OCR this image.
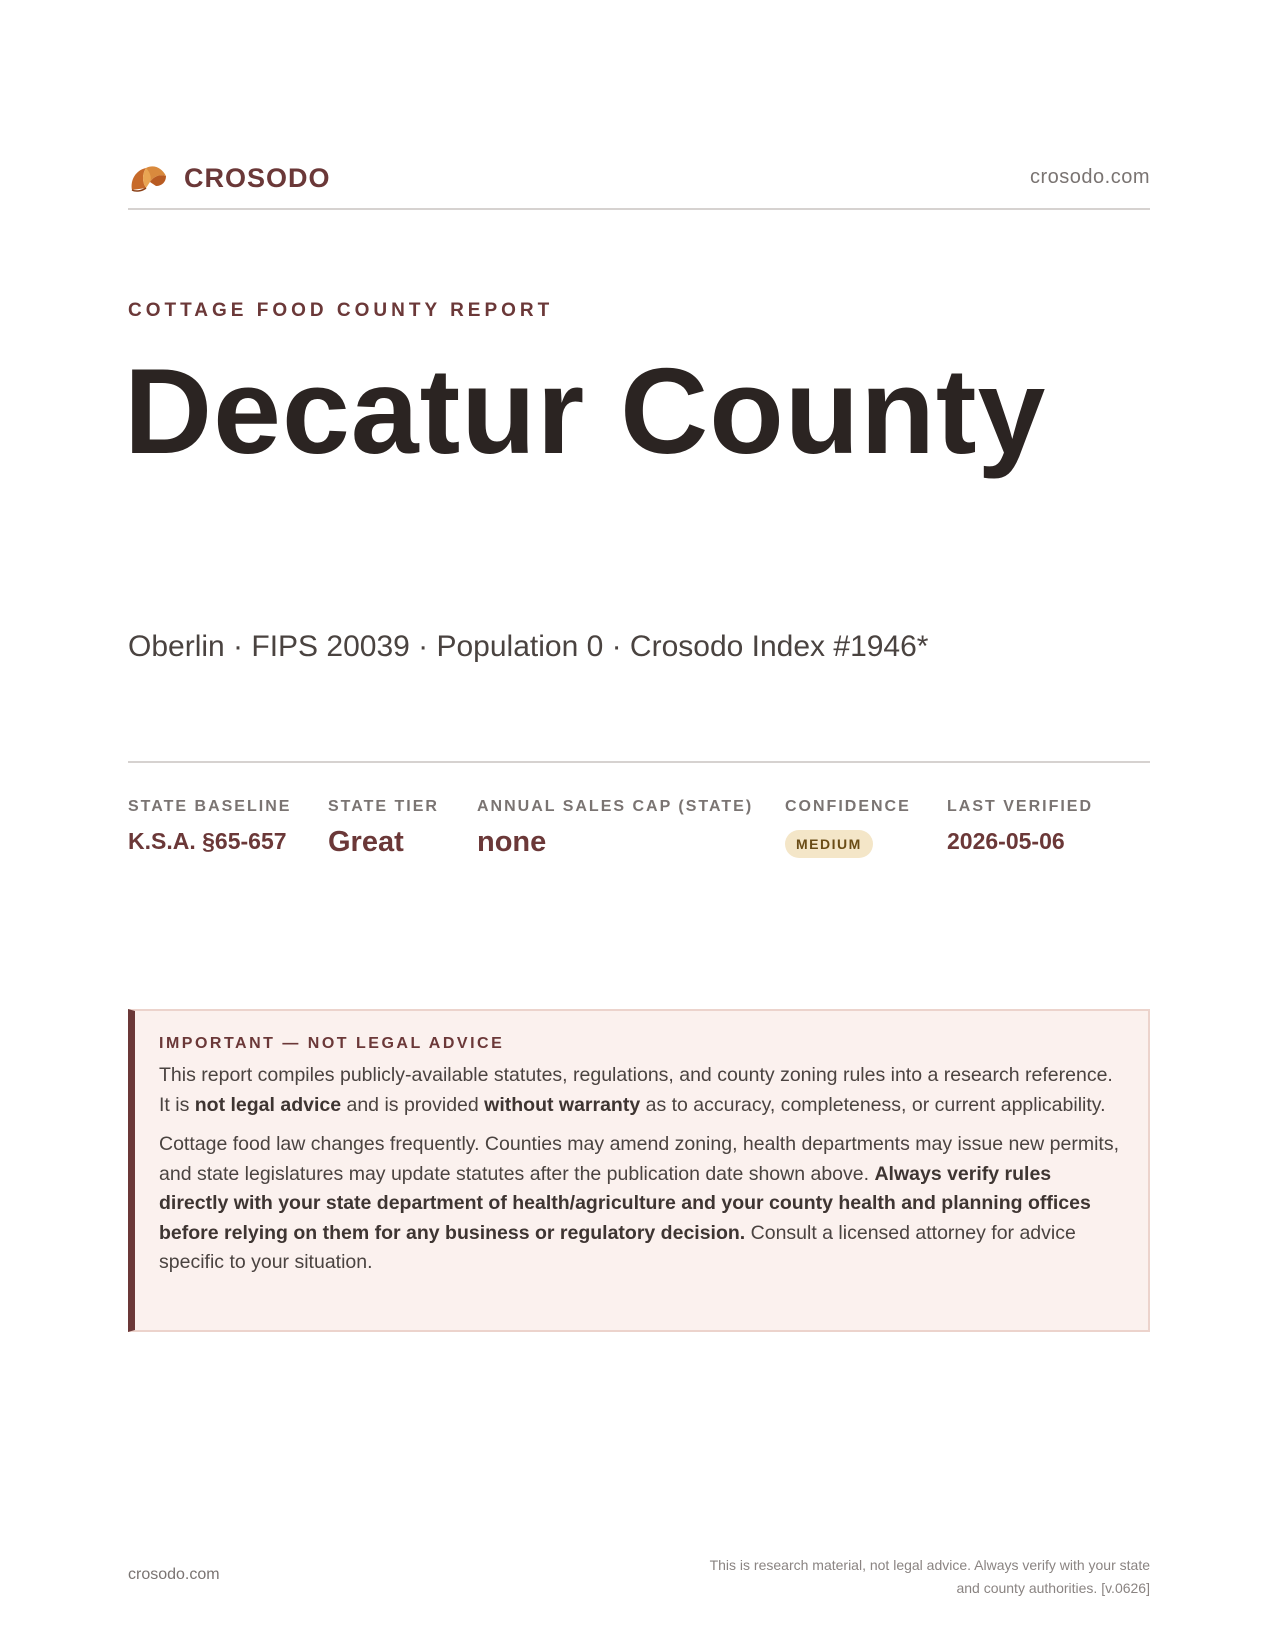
CROSODO	crosodo.com
COTTAGE FOOD COUNTY REPORT
Decatur County
Oberlin · FIPS 20039 · Population 0 · Crosodo Index #1946*
STATE BASELINE
K.S.A. §65-657
STATE TIER
Great
ANNUAL SALES CAP (STATE)
none
CONFIDENCE
MEDIUM
LAST VERIFIED
2026-05-06
IMPORTANT — NOT LEGAL ADVICE

This report compiles publicly-available statutes, regulations, and county zoning rules into a research reference. It is not legal advice and is provided without warranty as to accuracy, completeness, or current applicability.

Cottage food law changes frequently. Counties may amend zoning, health departments may issue new permits, and state legislatures may update statutes after the publication date shown above. Always verify rules directly with your state department of health/agriculture and your county health and planning offices before relying on them for any business or regulatory decision. Consult a licensed attorney for advice specific to your situation.

crosodo.com
This is research material, not legal advice. Always verify with your state
and county authorities. [v.0626]
